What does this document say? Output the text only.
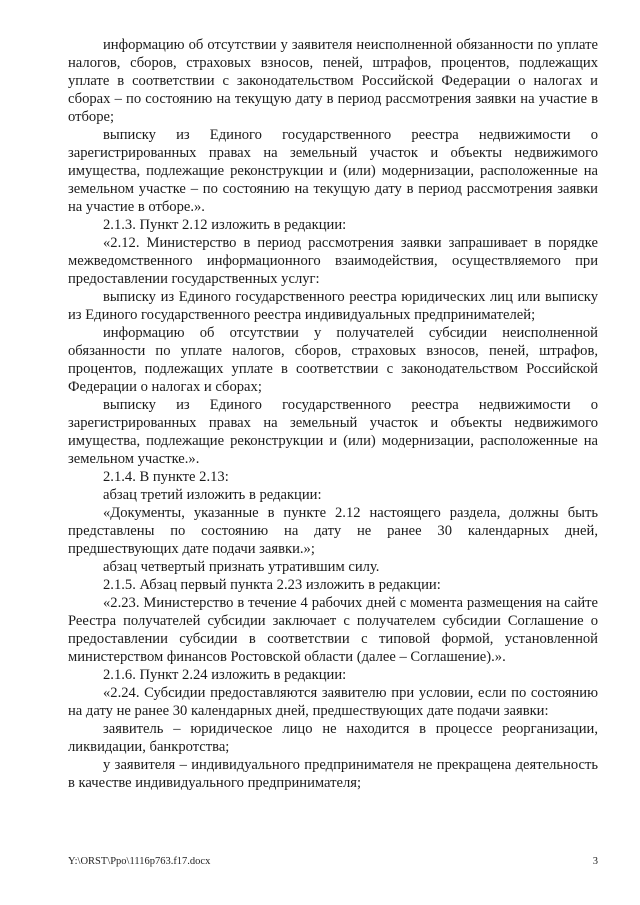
информацию об отсутствии у заявителя неисполненной обязанности по уплате налогов, сборов, страховых взносов, пеней, штрафов, процентов, подлежащих уплате в соответствии с законодательством Российской Федерации о налогах и сборах – по состоянию на текущую дату в период рассмотрения заявки на участие в отборе;

выписку из Единого государственного реестра недвижимости о зарегистрированных правах на земельный участок и объекты недвижимого имущества, подлежащие реконструкции и (или) модернизации, расположенные на земельном участке – по состоянию на текущую дату в период рассмотрения заявки на участие в отборе.».

2.1.3. Пункт 2.12 изложить в редакции:

«2.12. Министерство в период рассмотрения заявки запрашивает в порядке межведомственного информационного взаимодействия, осуществляемого при предоставлении государственных услуг:

выписку из Единого государственного реестра юридических лиц или выписку из Единого государственного реестра индивидуальных предпринимателей;

информацию об отсутствии у получателей субсидии неисполненной обязанности по уплате налогов, сборов, страховых взносов, пеней, штрафов, процентов, подлежащих уплате в соответствии с законодательством Российской Федерации о налогах и сборах;

выписку из Единого государственного реестра недвижимости о зарегистрированных правах на земельный участок и объекты недвижимого имущества, подлежащие реконструкции и (или) модернизации, расположенные на земельном участке.».

2.1.4. В пункте 2.13:

абзац третий изложить в редакции:

«Документы, указанные в пункте 2.12 настоящего раздела, должны быть представлены по состоянию на дату не ранее 30 календарных дней, предшествующих дате подачи заявки.»;

абзац четвертый признать утратившим силу.

2.1.5. Абзац первый пункта 2.23 изложить в редакции:

«2.23. Министерство в течение 4 рабочих дней с момента размещения на сайте Реестра получателей субсидии заключает с получателем субсидии Соглашение о предоставлении субсидии в соответствии с типовой формой, установленной министерством финансов Ростовской области (далее – Соглашение).».

2.1.6. Пункт 2.24 изложить в редакции:

«2.24. Субсидии предоставляются заявителю при условии, если по состоянию на дату не ранее 30 календарных дней, предшествующих дате подачи заявки:

заявитель – юридическое лицо не находится в процессе реорганизации, ликвидации, банкротства;

у заявителя – индивидуального предпринимателя не прекращена деятельность в качестве индивидуального предпринимателя;

Y:\ORST\Ppo\1116p763.f17.docx	3
